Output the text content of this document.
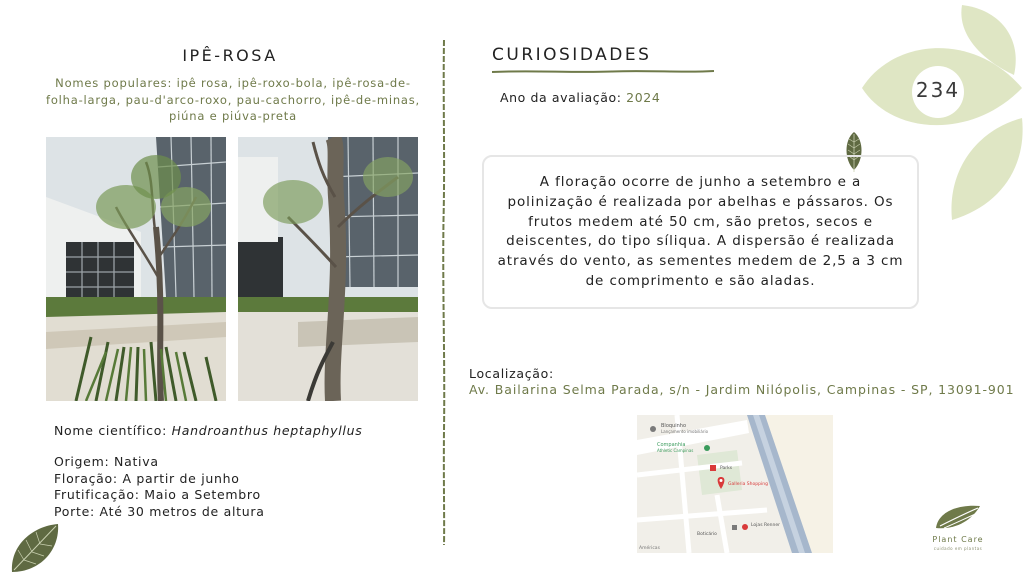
234
IPÊ-ROSA
Nomes populares: ipê rosa, ipê-roxo-bola, ipê-rosa-de-folha-larga, pau-d'arco-roxo, pau-cachorro, ipê-de-minas, piúna e piúva-preta
Nome científico: Handroanthus heptaphyllus
Origem: Nativa
Floração: A partir de junho
Frutificação: Maio a Setembro
Porte: Até 30 metros de altura
CURIOSIDADES
Ano da avaliação: 2024
A floração ocorre de junho a setembro e a polinização é realizada por abelhas e pássaros. Os frutos medem até 50 cm, são pretos, secos e deiscentes, do tipo síliqua. A dispersão é realizada através do vento, as sementes medem de 2,5 a 3 cm de comprimento e são aladas.
Localização:
Av. Bailarina Selma Parada, s/n - Jardim Nilópolis, Campinas - SP, 13091-901
Bloquinho
Lançamento imobiliário
Companhia
Athletic Campinas
Parks
Galleria Shopping
Boticário
Lojas Renner
Américas
Plant Care
cuidado em plantas
